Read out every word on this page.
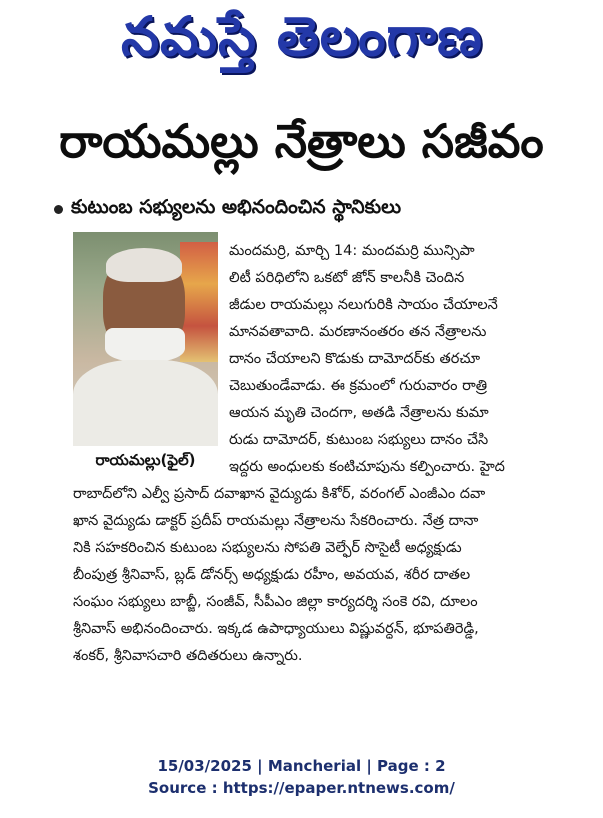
నమస్తే తెలంగాణ
రాయమల్లు నేత్రాలు సజీవం
కుటుంబ సభ్యులను అభినందించిన స్థానికులు
రాయమల్లు(ఫైల్)
మందమర్రి, మార్చి 14: మందమర్రి మున్సిపా
లిటీ పరిధిలోని ఒకటో జోన్ కాలనీకి చెందిన
జీడుల రాయమల్లు నలుగురికి సాయం చేయాలనే
మానవతావాది. మరణానంతరం తన నేత్రాలను
దానం చేయాలని కొడుకు దామోదర్‌కు తరచూ
చెబుతుండేవాడు. ఈ క్రమంలో గురువారం రాత్రి
ఆయన మృతి చెందగా, అతడి నేత్రాలను కుమా
రుడు దామోదర్, కుటుంబ సభ్యులు దానం చేసి
ఇద్దరు అంధులకు కంటిచూపును కల్పించారు. హైద
రాబాద్‌లోని ఎల్వీ ప్రసాద్ దవాఖాన వైద్యుడు కిశోర్, వరంగల్ ఎంజీఎం దవా
ఖాన వైద్యుడు డాక్టర్ ప్రదీప్ రాయమల్లు నేత్రాలను సేకరించారు. నేత్ర దానా
నికి సహకరించిన కుటుంబ సభ్యులను సోపతి వెల్ఫేర్ సొసైటీ అధ్యక్షుడు
బీంపుత్ర శ్రీనివాస్, బ్లడ్ డోనర్స్ అధ్యక్షుడు రహీం, అవయవ, శరీర దాతల
సంఘం సభ్యులు బాబ్జీ, సంజీవ్, సీపీఎం జిల్లా కార్యదర్శి సంకె రవి, దూలం
శ్రీనివాస్ అభినందించారు. ఇక్కడ ఉపాధ్యాయులు విష్ణువర్ధన్, భూపతిరెడ్డి,
శంకర్, శ్రీనివాసచారి తదితరులు ఉన్నారు.
15/03/2025 | Mancherial | Page : 2
Source : https://epaper.ntnews.com/
